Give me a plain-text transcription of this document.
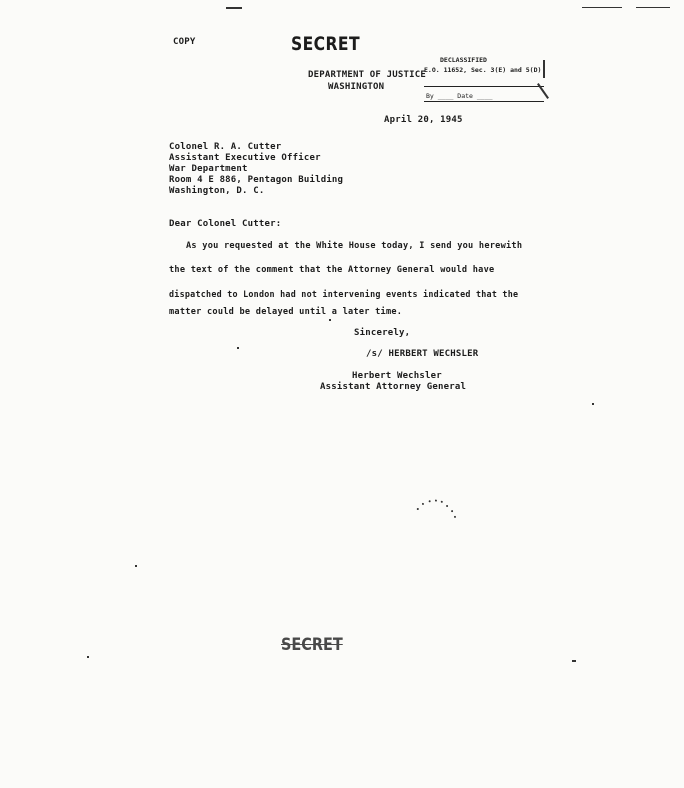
COPY	SECRET
DEPARTMENT OF JUSTICE
WASHINGTON
DECLASSIFIED
E.O. 11652, Sec. 3(E) and 5(D)
By ____ Date ____
April 20, 1945
Colonel R. A. Cutter
Assistant Executive Officer
War Department
Room 4 E 886, Pentagon Building
Washington, D. C.
Dear Colonel Cutter:
As you requested at the White House today, I send you herewith
the text of the comment that the Attorney General would have
dispatched to London had not intervening events indicated that the
matter could be delayed until a later time.
Sincerely,
/s/ HERBERT WECHSLER
Herbert Wechsler
Assistant Attorney General
SECRET
